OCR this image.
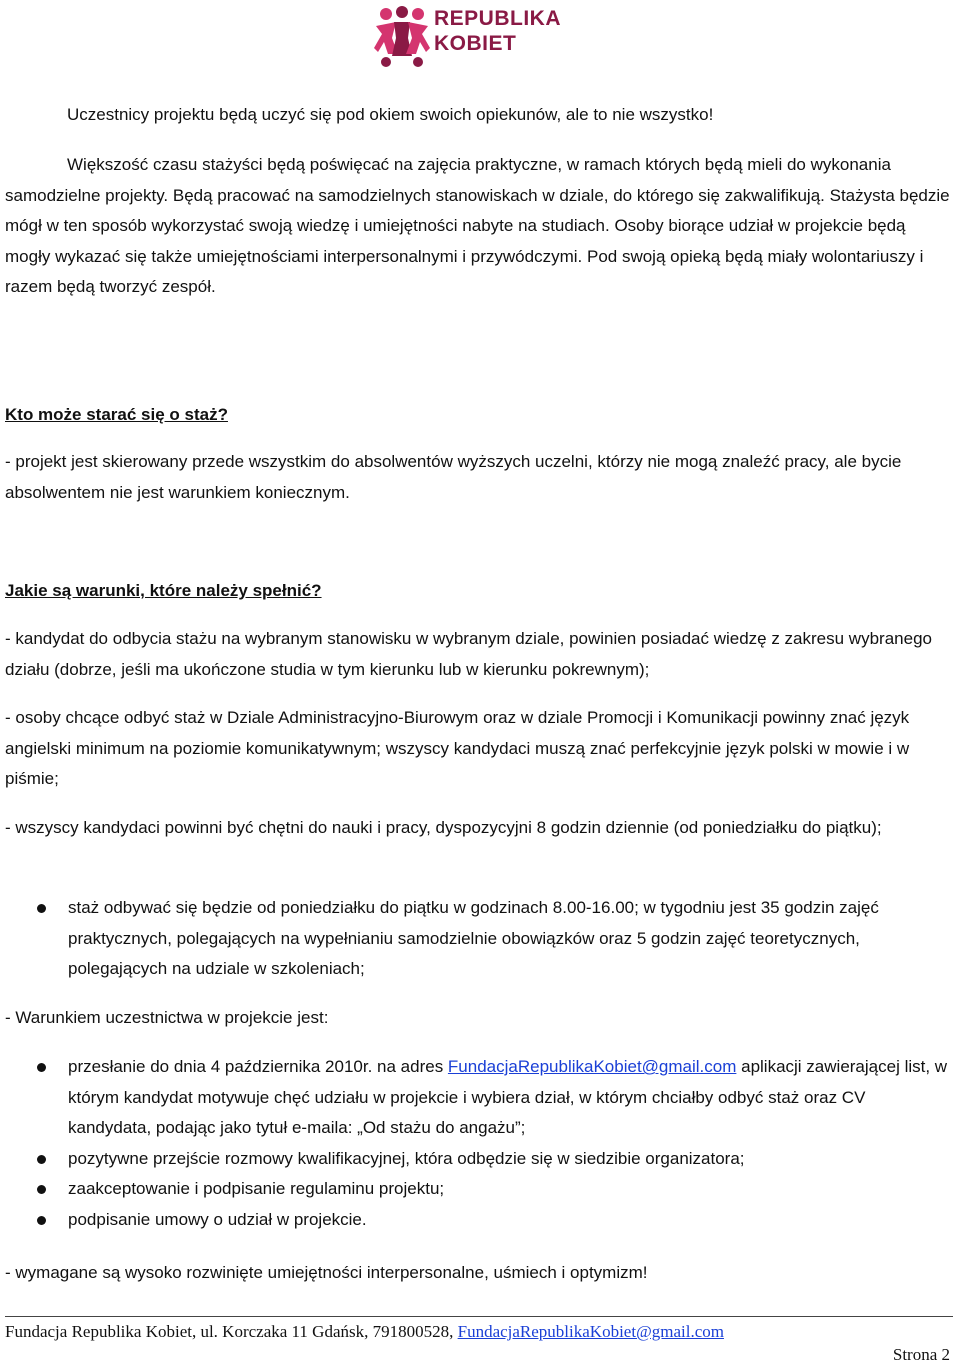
REPUBLIKA
KOBIET

Uczestnicy projektu będą uczyć się pod okiem swoich opiekunów, ale to nie wszystko!

Większość czasu stażyści będą poświęcać na zajęcia praktyczne, w ramach których będą mieli do wykonania samodzielne projekty. Będą pracować na samodzielnych stanowiskach w dziale, do którego się zakwalifikują. Stażysta będzie mógł w ten sposób wykorzystać swoją wiedzę i umiejętności nabyte na studiach. Osoby biorące udział w projekcie będą mogły wykazać się także umiejętnościami interpersonalnymi i przywódczymi. Pod swoją opieką będą miały wolontariuszy i razem będą tworzyć zespół.

Kto może starać się o staż?

- projekt jest skierowany przede wszystkim do absolwentów wyższych uczelni, którzy nie mogą znaleźć pracy, ale bycie absolwentem nie jest warunkiem koniecznym.

Jakie są warunki, które należy spełnić?

- kandydat do odbycia stażu na wybranym stanowisku w wybranym dziale, powinien posiadać wiedzę z zakresu wybranego działu (dobrze, jeśli ma ukończone studia w tym kierunku lub w kierunku pokrewnym);

- osoby chcące odbyć staż w Dziale Administracyjno-Biurowym oraz w dziale Promocji i Komunikacji powinny znać język angielski minimum na poziomie komunikatywnym; wszyscy kandydaci muszą znać perfekcyjnie język polski w mowie i w piśmie;

- wszyscy kandydaci powinni być chętni do nauki i pracy, dyspozycyjni 8 godzin dziennie (od poniedziałku do piątku);

staż odbywać się będzie od poniedziałku do piątku w godzinach 8.00-16.00; w tygodniu jest 35 godzin zajęć praktycznych, polegających na wypełnianiu samodzielnie obowiązków oraz 5 godzin zajęć teoretycznych, polegających na udziale w szkoleniach;

- Warunkiem uczestnictwa w projekcie jest:

przesłanie do dnia 4 października 2010r. na adres FundacjaRepublikaKobiet@gmail.com aplikacji zawierającej list, w którym kandydat motywuje chęć udziału w projekcie i wybiera dział, w którym chciałby odbyć staż oraz CV kandydata, podając jako tytuł e-maila: „Od stażu do angażu”;
pozytywne przejście rozmowy kwalifikacyjnej, która odbędzie się w siedzibie organizatora;
zaakceptowanie i podpisanie regulaminu projektu;
podpisanie umowy o udział w projekcie.

- wymagane są wysoko rozwinięte umiejętności interpersonalne, uśmiech i optymizm!

Fundacja Republika Kobiet, ul. Korczaka 11 Gdańsk, 791800528, FundacjaRepublikaKobiet@gmail.com
Strona 2
